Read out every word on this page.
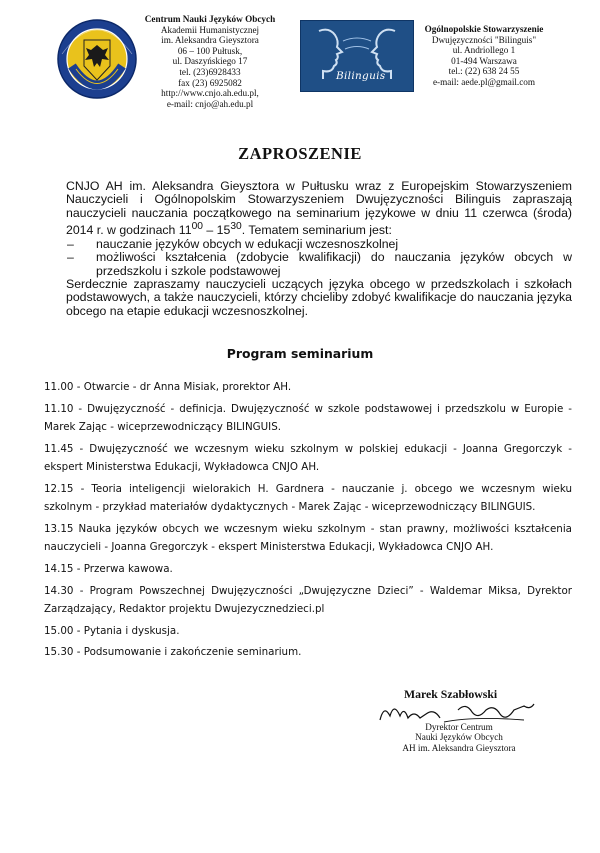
Centrum Nauki Języków Obcych
Akademii Humanistycznej
im. Aleksandra Gieysztora
06 – 100 Pułtusk,
ul. Daszyńskiego 17
tel. (23)6928433
fax (23) 6925082
http://www.cnjo.ah.edu.pl,
e-mail: cnjo@ah.edu.pl
Bilinguis
Ogólnopolskie Stowarzyszenie
Dwujęzyczności "Bilinguis"
ul. Andriollego 1
01-494 Warszawa
tel.: (22) 638 24 55
e-mail: aede.pl@gmail.com
ZAPROSZENIE

CNJO AH im. Aleksandra Gieysztora w Pułtusku wraz z Europejskim Stowarzyszeniem Nauczycieli i Ogólnopolskim Stowarzyszeniem Dwujęzyczności Bilinguis zapraszają nauczycieli nauczania początkowego na seminarium językowe w dniu 11 czerwca (środa) 2014 r. w godzinach $11^{00} - 15^{30}$. Tematem seminarium jest:

– nauczanie języków obcych w edukacji wczesnoszkolnej
– możliwości kształcenia (zdobycie kwalifikacji) do nauczania języków obcych w przedszkolu i szkole podstawowej
Serdecznie zapraszamy nauczycieli uczących języka obcego w przedszkolach i szkołach podstawowych, a także nauczycieli, którzy chcieliby zdobyć kwalifikacje do nauczania języka obcego na etapie edukacji wczesnoszkolnej.
Program seminarium
11.00 - Otwarcie - dr Anna Misiak, prorektor AH.
11.10 - Dwujęzyczność - definicja. Dwujęzyczność w szkole podstawowej i przedszkolu w Europie - Marek Zając - wiceprzewodniczący BILINGUIS.
11.45 - Dwujęzyczność we wczesnym wieku szkolnym w polskiej edukacji - Joanna Gregorczyk - ekspert Ministerstwa Edukacji, Wykładowca CNJO AH.
12.15 - Teoria inteligencji wielorakich H. Gardnera - nauczanie j. obcego we wczesnym wieku szkolnym - przykład materiałów dydaktycznych - Marek Zając - wiceprzewodniczący BILINGUIS.
13.15 Nauka języków obcych we wczesnym wieku szkolnym - stan prawny, możliwości kształcenia nauczycieli - Joanna Gregorczyk - ekspert Ministerstwa Edukacji, Wykładowca CNJO AH.
14.15 - Przerwa kawowa.
14.30 - Program Powszechnej Dwujęzyczności „Dwujęzyczne Dzieci” - Waldemar Miksa, Dyrektor Zarządzający, Redaktor projektu Dwujezycznedzieci.pl
15.00 - Pytania i dyskusja.
15.30 - Podsumowanie i zakończenie seminarium.
Marek Szabłowski
Dyrektor Centrum
Nauki Języków Obcych
AH im. Aleksandra Gieysztora
